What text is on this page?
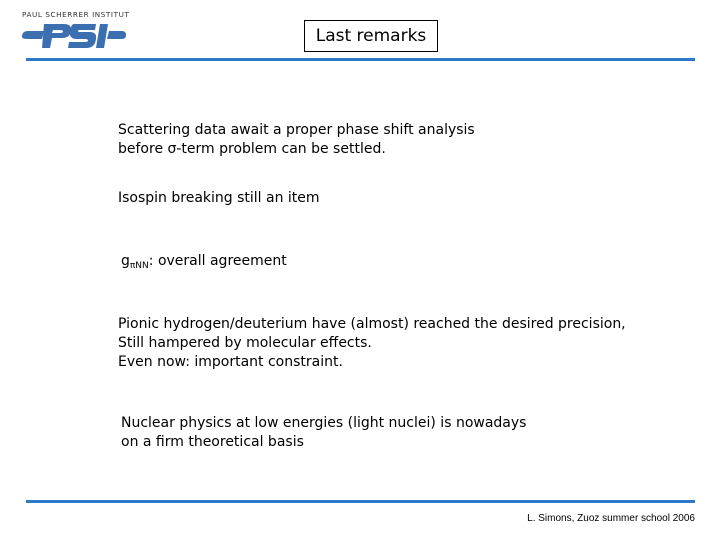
PAUL SCHERRER INSTITUT
Last remarks
Scattering data await a proper phase shift analysis
before σ-term problem can be settled.
Isospin breaking still an item
$g_{\pi NN}$: overall agreement
Pionic hydrogen/deuterium have (almost) reached the desired precision,
Still hampered by molecular effects.
Even now: important constraint.
Nuclear physics at low energies (light nuclei) is nowadays
on a firm theoretical basis
L. Simons, Zuoz summer school 2006
